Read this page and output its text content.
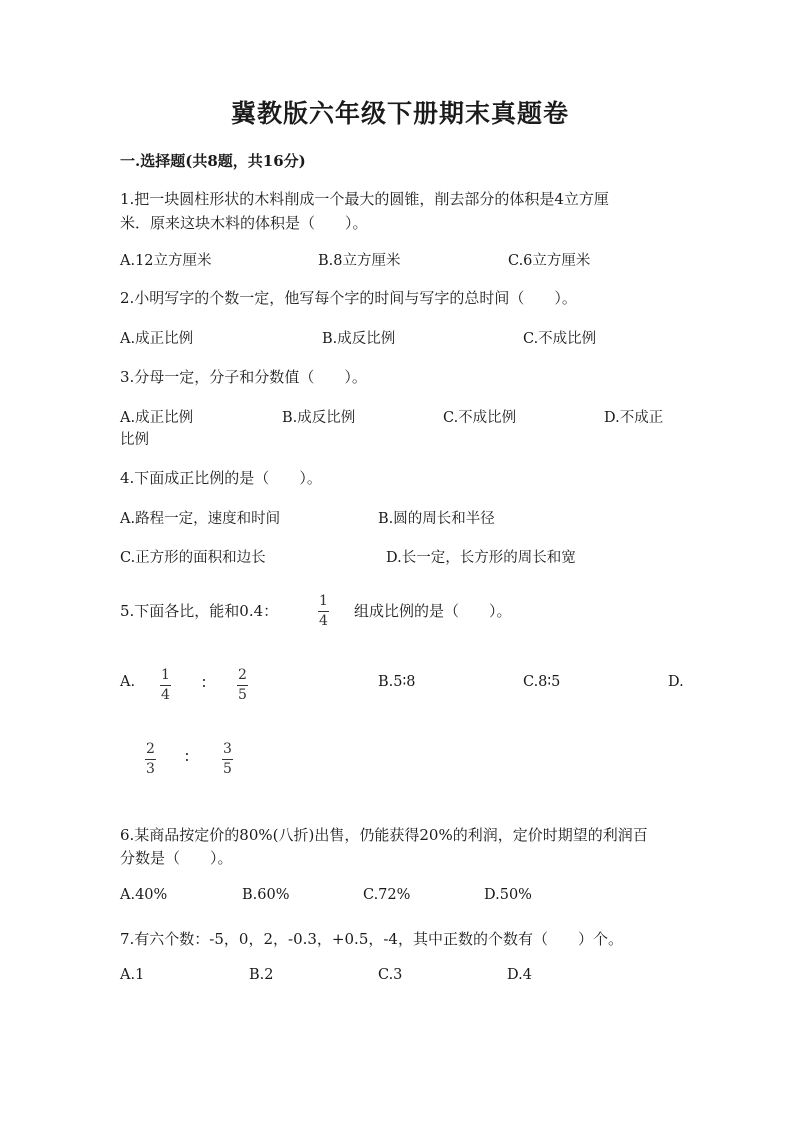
冀教版六年级下册期末真题卷
一.选择题(共8题，共16分)
1.把一块圆柱形状的木料削成一个最大的圆锥，削去部分的体积是4立方厘
米．原来这块木料的体积是（　　）。
A.12立方厘米	B.8立方厘米	C.6立方厘米
2.小明写字的个数一定，他写每个字的时间与写字的总时间（　　）。
A.成正比例	B.成反比例	C.不成比例
3.分母一定，分子和分数值（　　）。
A.成正比例	B.成反比例	C.不成比例	D.不成正
比例
4.下面成正比例的是（　　）。
A.路程一定，速度和时间	B.圆的周长和半径
C.正方形的面积和边长	D.长一定，长方形的周长和宽
5.下面各比，能和0.4：
1
4
组成比例的是（　　）。
A. 1
4
∶ 2
5
B.5∶8	C.8∶5	D.
2
3
∶ 3
5
6.某商品按定价的80%(八折)出售，仍能获得20%的利润，定价时期望的利润百
分数是（　　）。
A.40%	B.60%	C.72%	D.50%
7.有六个数：-5，0，2，-0.3，+0.5，-4，其中正数的个数有（　　）个。
A.1	B.2	C.3	D.4
